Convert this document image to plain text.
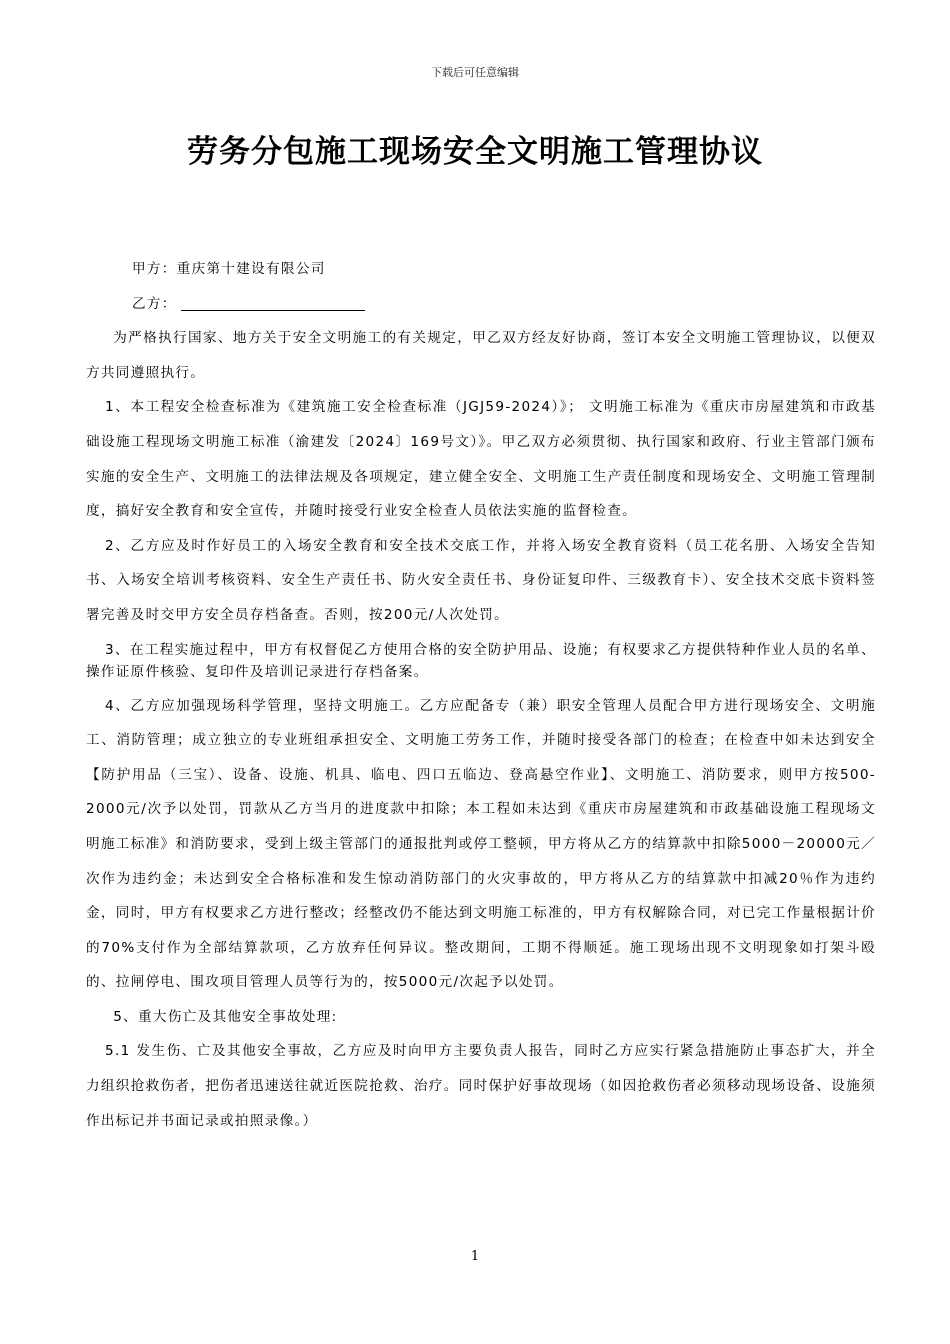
下载后可任意编辑
劳务分包施工现场安全文明施工管理协议

甲方：重庆第十建设有限公司

乙方：

为严格执行国家、地方关于安全文明施工的有关规定，甲乙双方经友好协商，签订本安全文明施工管理协议，以便双方共同遵照执行。

1、本工程安全检查标准为《建筑施工安全检查标准（JGJ59-2024）》； 文明施工标准为《重庆市房屋建筑和市政基础设施工程现场文明施工标准（渝建发〔2024〕169号文）》。甲乙双方必须贯彻、执行国家和政府、行业主管部门颁布实施的安全生产、文明施工的法律法规及各项规定，建立健全安全、文明施工生产责任制度和现场安全、文明施工管理制度，搞好安全教育和安全宣传，并随时接受行业安全检查人员依法实施的监督检查。

2、乙方应及时作好员工的入场安全教育和安全技术交底工作，并将入场安全教育资料（员工花名册、入场安全告知书、入场安全培训考核资料、安全生产责任书、防火安全责任书、身份证复印件、三级教育卡）、安全技术交底卡资料签署完善及时交甲方安全员存档备查。否则，按200元/人次处罚。

3、在工程实施过程中，甲方有权督促乙方使用合格的安全防护用品、设施；有权要求乙方提供特种作业人员的名单、操作证原件核验、复印件及培训记录进行存档备案。

4、乙方应加强现场科学管理，坚持文明施工。乙方应配备专（兼）职安全管理人员配合甲方进行现场安全、文明施工、消防管理；成立独立的专业班组承担安全、文明施工劳务工作，并随时接受各部门的检查；在检查中如未达到安全【防护用品（三宝）、设备、设施、机具、临电、四口五临边、登高悬空作业】、文明施工、消防要求，则甲方按500-2000元/次予以处罚，罚款从乙方当月的进度款中扣除；本工程如未达到《重庆市房屋建筑和市政基础设施工程现场文明施工标准》和消防要求，受到上级主管部门的通报批判或停工整顿，甲方将从乙方的结算款中扣除5000－20000元／次作为违约金；未达到安全合格标准和发生惊动消防部门的火灾事故的，甲方将从乙方的结算款中扣减20％作为违约金，同时，甲方有权要求乙方进行整改；经整改仍不能达到文明施工标准的，甲方有权解除合同，对已完工作量根据计价的70%支付作为全部结算款项，乙方放弃任何异议。整改期间，工期不得顺延。施工现场出现不文明现象如打架斗殴的、拉闸停电、围攻项目管理人员等行为的，按5000元/次起予以处罚。

5、重大伤亡及其他安全事故处理:

5.1 发生伤、亡及其他安全事故，乙方应及时向甲方主要负责人报告，同时乙方应实行紧急措施防止事态扩大，并全力组织抢救伤者，把伤者迅速送往就近医院抢救、治疗。同时保护好事故现场（如因抢救伤者必须移动现场设备、设施须作出标记并书面记录或拍照录像。）

1
